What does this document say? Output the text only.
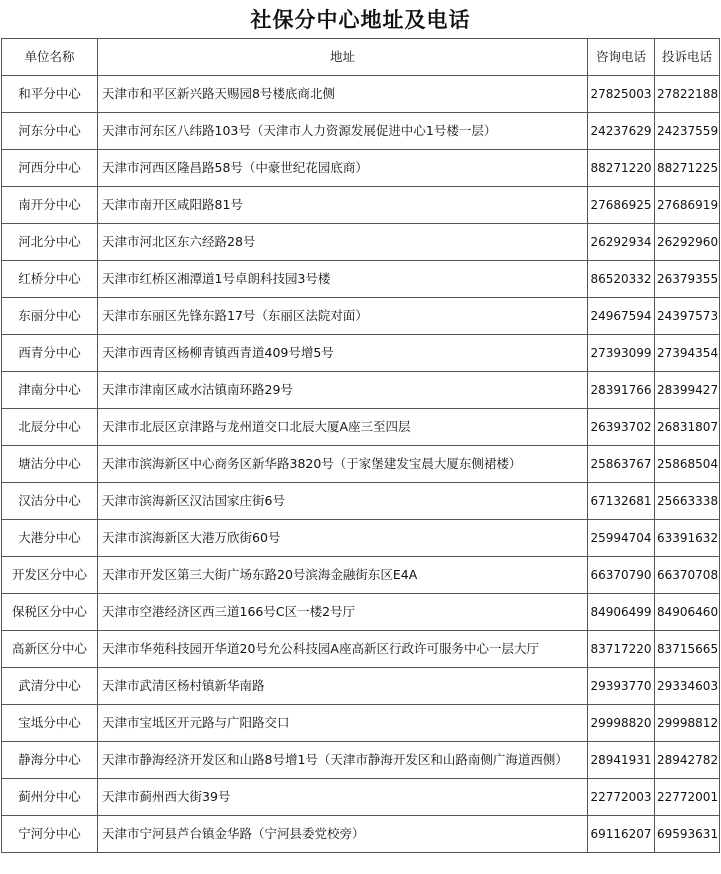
社保分中心地址及电话
单位名称	地址	咨询电话	投诉电话
和平分中心	天津市和平区新兴路天赐园8号楼底商北侧	27825003	27822188
河东分中心	天津市河东区八纬路103号（天津市人力资源发展促进中心1号楼一层）	24237629	24237559
河西分中心	天津市河西区隆昌路58号（中豪世纪花园底商）	88271220	88271225
南开分中心	天津市南开区咸阳路81号	27686925	27686919
河北分中心	天津市河北区东六经路28号	26292934	26292960
红桥分中心	天津市红桥区湘潭道1号卓朗科技园3号楼	86520332	26379355
东丽分中心	天津市东丽区先锋东路17号（东丽区法院对面）	24967594	24397573
西青分中心	天津市西青区杨柳青镇西青道409号增5号	27393099	27394354
津南分中心	天津市津南区咸水沽镇南环路29号	28391766	28399427
北辰分中心	天津市北辰区京津路与龙州道交口北辰大厦A座三至四层	26393702	26831807
塘沽分中心	天津市滨海新区中心商务区新华路3820号（于家堡建发宝晨大厦东侧裙楼）	25863767	25868504
汉沽分中心	天津市滨海新区汉沽国家庄街6号	67132681	25663338
大港分中心	天津市滨海新区大港万欣街60号	25994704	63391632
开发区分中心	天津市开发区第三大街广场东路20号滨海金融街东区E4A	66370790	66370708
保税区分中心	天津市空港经济区西三道166号C区一楼2号厅	84906499	84906460
高新区分中心	天津市华苑科技园开华道20号允公科技园A座高新区行政许可服务中心一层大厅	83717220	83715665
武清分中心	天津市武清区杨村镇新华南路	29393770	29334603
宝坻分中心	天津市宝坻区开元路与广阳路交口	29998820	29998812
静海分中心	天津市静海经济开发区和山路8号增1号（天津市静海开发区和山路南侧广海道西侧）	28941931	28942782
蓟州分中心	天津市蓟州西大街39号	22772003	22772001
宁河分中心	天津市宁河县芦台镇金华路（宁河县委党校旁）	69116207	69593631
